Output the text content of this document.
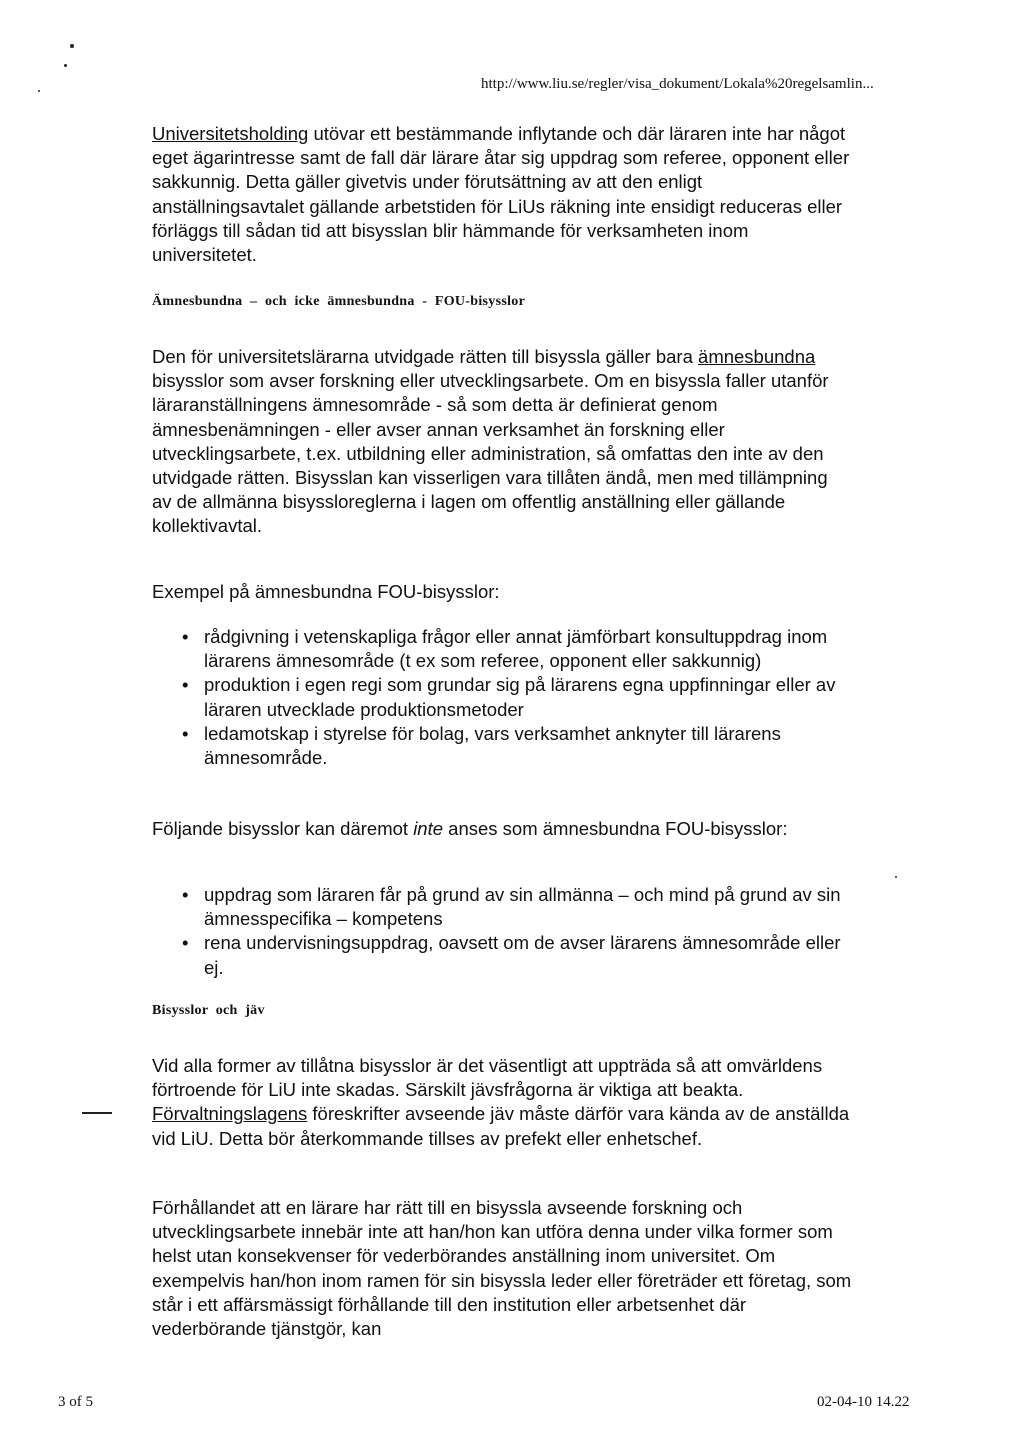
http://www.liu.se/regler/visa_dokument/Lokala%20regelsamlin...

Universitetsholding utövar ett bestämmande inflytande och där läraren inte har något eget ägarintresse samt de fall där lärare åtar sig uppdrag som referee, opponent eller sakkunnig. Detta gäller givetvis under förutsättning av att den enligt anställningsavtalet gällande arbetstiden för LiUs räkning inte ensidigt reduceras eller förläggs till sådan tid att bisysslan blir hämmande för verksamheten inom universitetet.

Ämnesbundna  –  och  icke  ämnesbundna  -  FOU-bisysslor

Den för universitetslärarna utvidgade rätten till bisyssla gäller bara ämnesbundna bisysslor som avser forskning eller utvecklingsarbete. Om en bisyssla faller utanför läraranställningens ämnesområde - så som detta är definierat genom ämnesbenämningen - eller avser annan verksamhet än forskning eller utvecklingsarbete, t.ex. utbildning eller administration, så omfattas den inte av den utvidgade rätten. Bisysslan kan visserligen vara tillåten ändå, men med tillämpning av de allmänna bisyssloreglerna i lagen om offentlig anställning eller gällande kollektivavtal.

Exempel på ämnesbundna FOU-bisysslor:
• rådgivning i vetenskapliga frågor eller annat jämförbart konsultuppdrag inom lärarens ämnesområde (t ex som referee, opponent eller sakkunnig)
• produktion i egen regi som grundar sig på lärarens egna uppfinningar eller av läraren utvecklade produktionsmetoder
• ledamotskap i styrelse för bolag, vars verksamhet anknyter till lärarens ämnesområde.

Följande bisysslor kan däremot inte anses som ämnesbundna FOU-bisysslor:

• uppdrag som läraren får på grund av sin allmänna – och mind på grund av sin ämnesspecifika – kompetens
• rena undervisningsuppdrag, oavsett om de avser lärarens ämnesområde eller ej.
Bisysslor  och  jäv

Vid alla former av tillåtna bisysslor är det väsentligt att uppträda så att omvärldens förtroende för LiU inte skadas. Särskilt jävsfrågorna är viktiga att beakta. Förvaltningslagens föreskrifter avseende jäv måste därför vara kända av de anställda vid LiU. Detta bör återkommande tillses av prefekt eller enhetschef.

Förhållandet att en lärare har rätt till en bisyssla avseende forskning och utvecklingsarbete innebär inte att han/hon kan utföra denna under vilka former som helst utan konsekvenser för vederbörandes anställning inom universitet. Om exempelvis han/hon inom ramen för sin bisyssla leder eller företräder ett företag, som står i ett affärsmässigt förhållande till den institution eller arbetsenhet där vederbörande tjänstgör, kan
3 of 5	02-04-10 14.22
